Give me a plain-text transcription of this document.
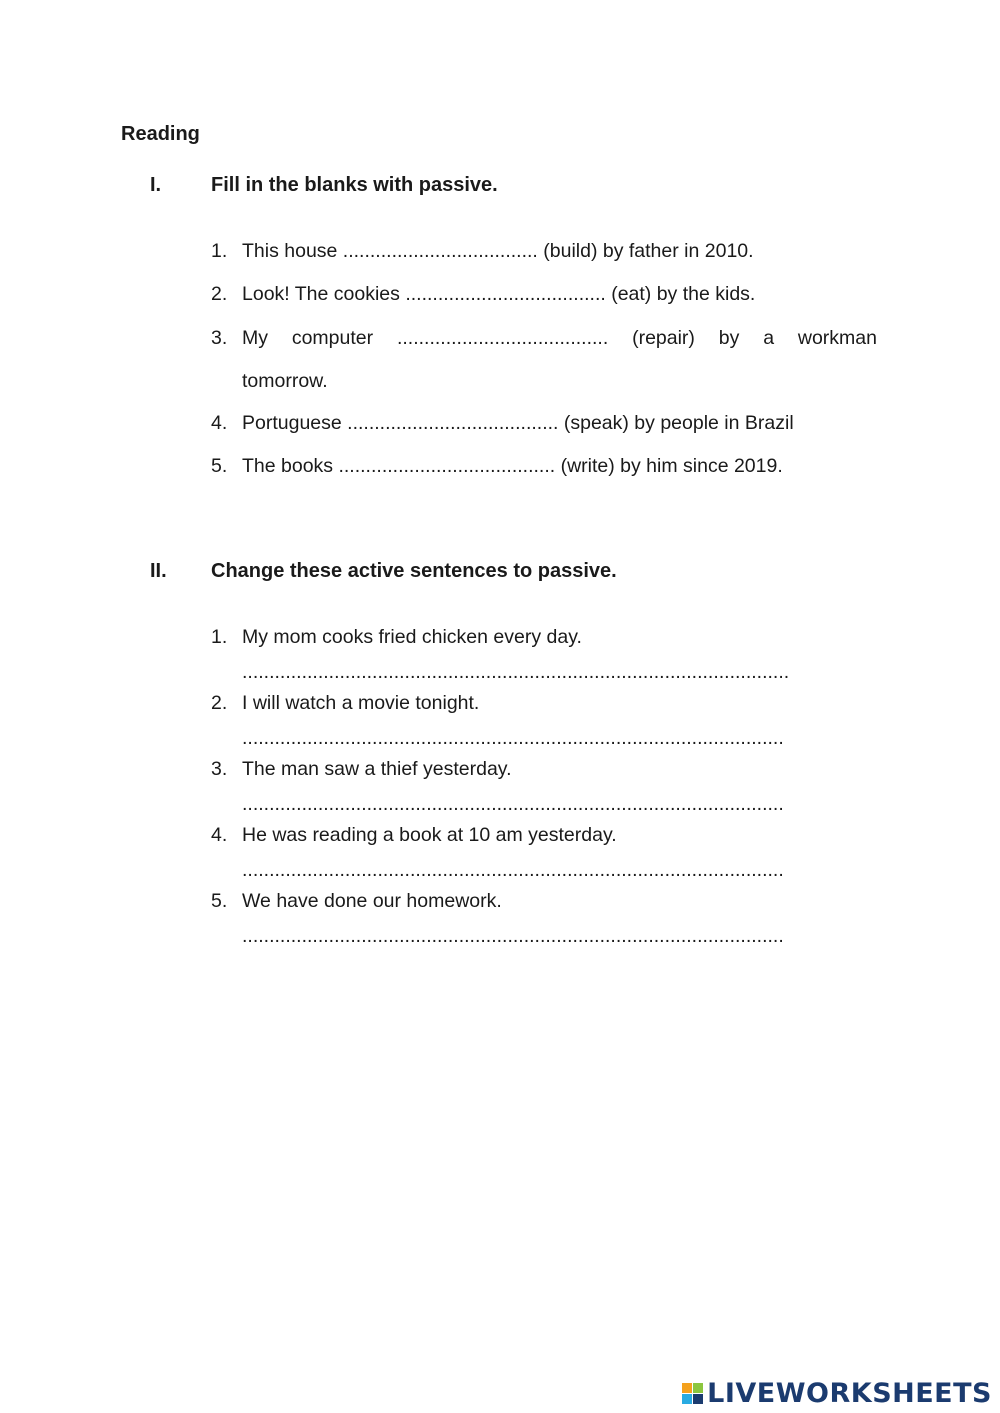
Reading
I. Fill in the blanks with passive.
1. This house .................................... (build) by father in 2010.
2. Look! The cookies ..................................... (eat) by the kids.
3. My computer ....................................... (repair) by a workman
tomorrow.
4. Portuguese ....................................... (speak) by people in Brazil
5. The books ........................................ (write) by him since 2019.
II. Change these active sentences to passive.
1. My mom cooks fried chicken every day.
.....................................................................................................
2. I will watch a movie tonight.
....................................................................................................
3. The man saw a thief yesterday.
....................................................................................................
4. He was reading a book at 10 am yesterday.
....................................................................................................
5. We have done our homework.
....................................................................................................
LIVEWORKSHEETS
